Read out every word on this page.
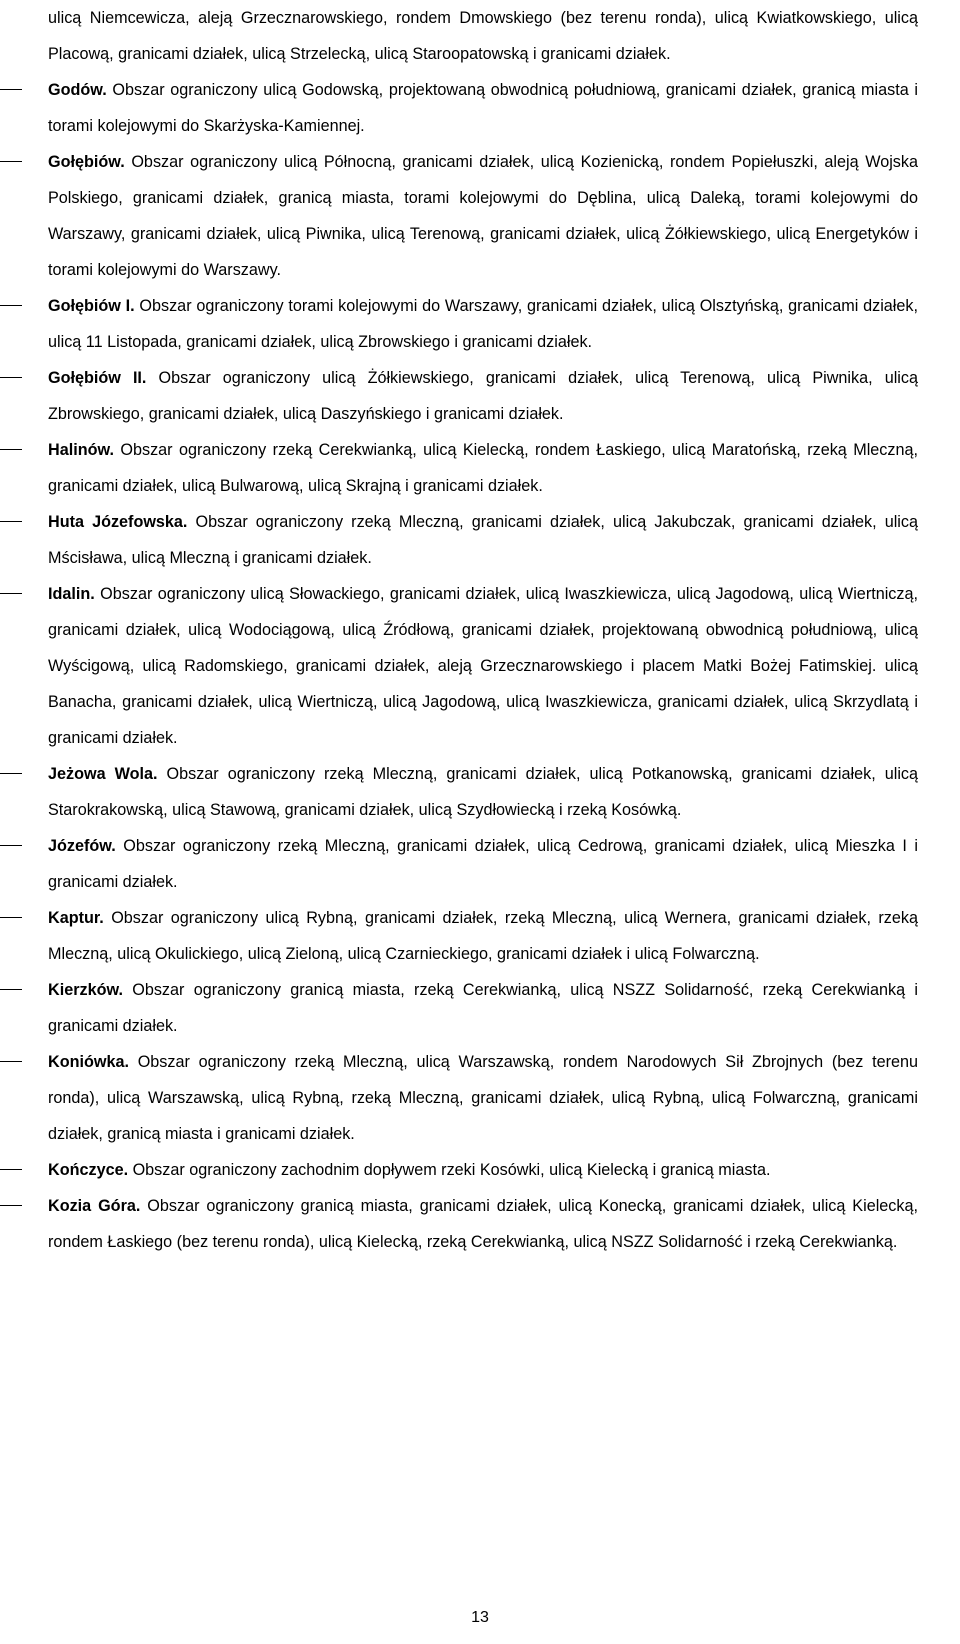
ulicą Niemcewicza, aleją Grzecznarowskiego, rondem Dmowskiego (bez terenu ronda), ulicą Kwiatkowskiego, ulicą Placową, granicami działek, ulicą Strzelecką, ulicą Staroopatowską i granicami działek.

Godów. Obszar ograniczony ulicą Godowską, projektowaną obwodnicą południową, granicami działek, granicą miasta i torami kolejowymi do Skarżyska-Kamiennej.

Gołębiów. Obszar ograniczony ulicą Północną, granicami działek, ulicą Kozienicką, rondem Popiełuszki, aleją Wojska Polskiego, granicami działek, granicą miasta, torami kolejowymi do Dęblina, ulicą Daleką, torami kolejowymi do Warszawy, granicami działek, ulicą Piwnika, ulicą Terenową, granicami działek, ulicą Żółkiewskiego, ulicą Energetyków i torami kolejowymi do Warszawy.

Gołębiów I. Obszar ograniczony torami kolejowymi do Warszawy, granicami działek, ulicą Olsztyńską, granicami działek, ulicą 11 Listopada, granicami działek, ulicą Zbrowskiego i granicami działek.

Gołębiów II. Obszar ograniczony ulicą Żółkiewskiego, granicami działek, ulicą Terenową, ulicą Piwnika, ulicą Zbrowskiego, granicami działek, ulicą Daszyńskiego i granicami działek.

Halinów. Obszar ograniczony rzeką Cerekwianką, ulicą Kielecką, rondem Łaskiego, ulicą Maratońską, rzeką Mleczną, granicami działek, ulicą Bulwarową, ulicą Skrajną i granicami działek.

Huta Józefowska. Obszar ograniczony rzeką Mleczną, granicami działek, ulicą Jakubczak, granicami działek, ulicą Mścisława, ulicą Mleczną i granicami działek.

Idalin. Obszar ograniczony ulicą Słowackiego, granicami działek, ulicą Iwaszkiewicza, ulicą Jagodową, ulicą Wiertniczą, granicami działek, ulicą Wodociągową, ulicą Źródłową, granicami działek, projektowaną obwodnicą południową, ulicą Wyścigową, ulicą Radomskiego, granicami działek, aleją Grzecznarowskiego i placem Matki Bożej Fatimskiej. ulicą Banacha, granicami działek, ulicą Wiertniczą, ulicą Jagodową, ulicą Iwaszkiewicza, granicami działek, ulicą Skrzydlatą i granicami działek.

Jeżowa Wola. Obszar ograniczony rzeką Mleczną, granicami działek, ulicą Potkanowską, granicami działek, ulicą Starokrakowską, ulicą Stawową, granicami działek, ulicą Szydłowiecką i rzeką Kosówką.

Józefów. Obszar ograniczony rzeką Mleczną, granicami działek, ulicą Cedrową, granicami działek, ulicą Mieszka I i granicami działek.

Kaptur. Obszar ograniczony ulicą Rybną, granicami działek, rzeką Mleczną, ulicą Wernera, granicami działek, rzeką Mleczną, ulicą Okulickiego, ulicą Zieloną, ulicą Czarnieckiego, granicami działek i ulicą Folwarczną.

Kierzków. Obszar ograniczony granicą miasta, rzeką Cerekwianką, ulicą NSZZ Solidarność, rzeką Cerekwianką i granicami działek.

Koniówka. Obszar ograniczony rzeką Mleczną, ulicą Warszawską, rondem Narodowych Sił Zbrojnych (bez terenu ronda), ulicą Warszawską, ulicą Rybną, rzeką Mleczną, granicami działek, ulicą Rybną, ulicą Folwarczną, granicami działek, granicą miasta i granicami działek.

Kończyce. Obszar ograniczony zachodnim dopływem rzeki Kosówki, ulicą Kielecką i granicą miasta.

Kozia Góra. Obszar ograniczony granicą miasta, granicami działek, ulicą Konecką, granicami działek, ulicą Kielecką, rondem Łaskiego (bez terenu ronda), ulicą Kielecką, rzeką Cerekwianką, ulicą NSZZ Solidarność i rzeką Cerekwianką.

13
